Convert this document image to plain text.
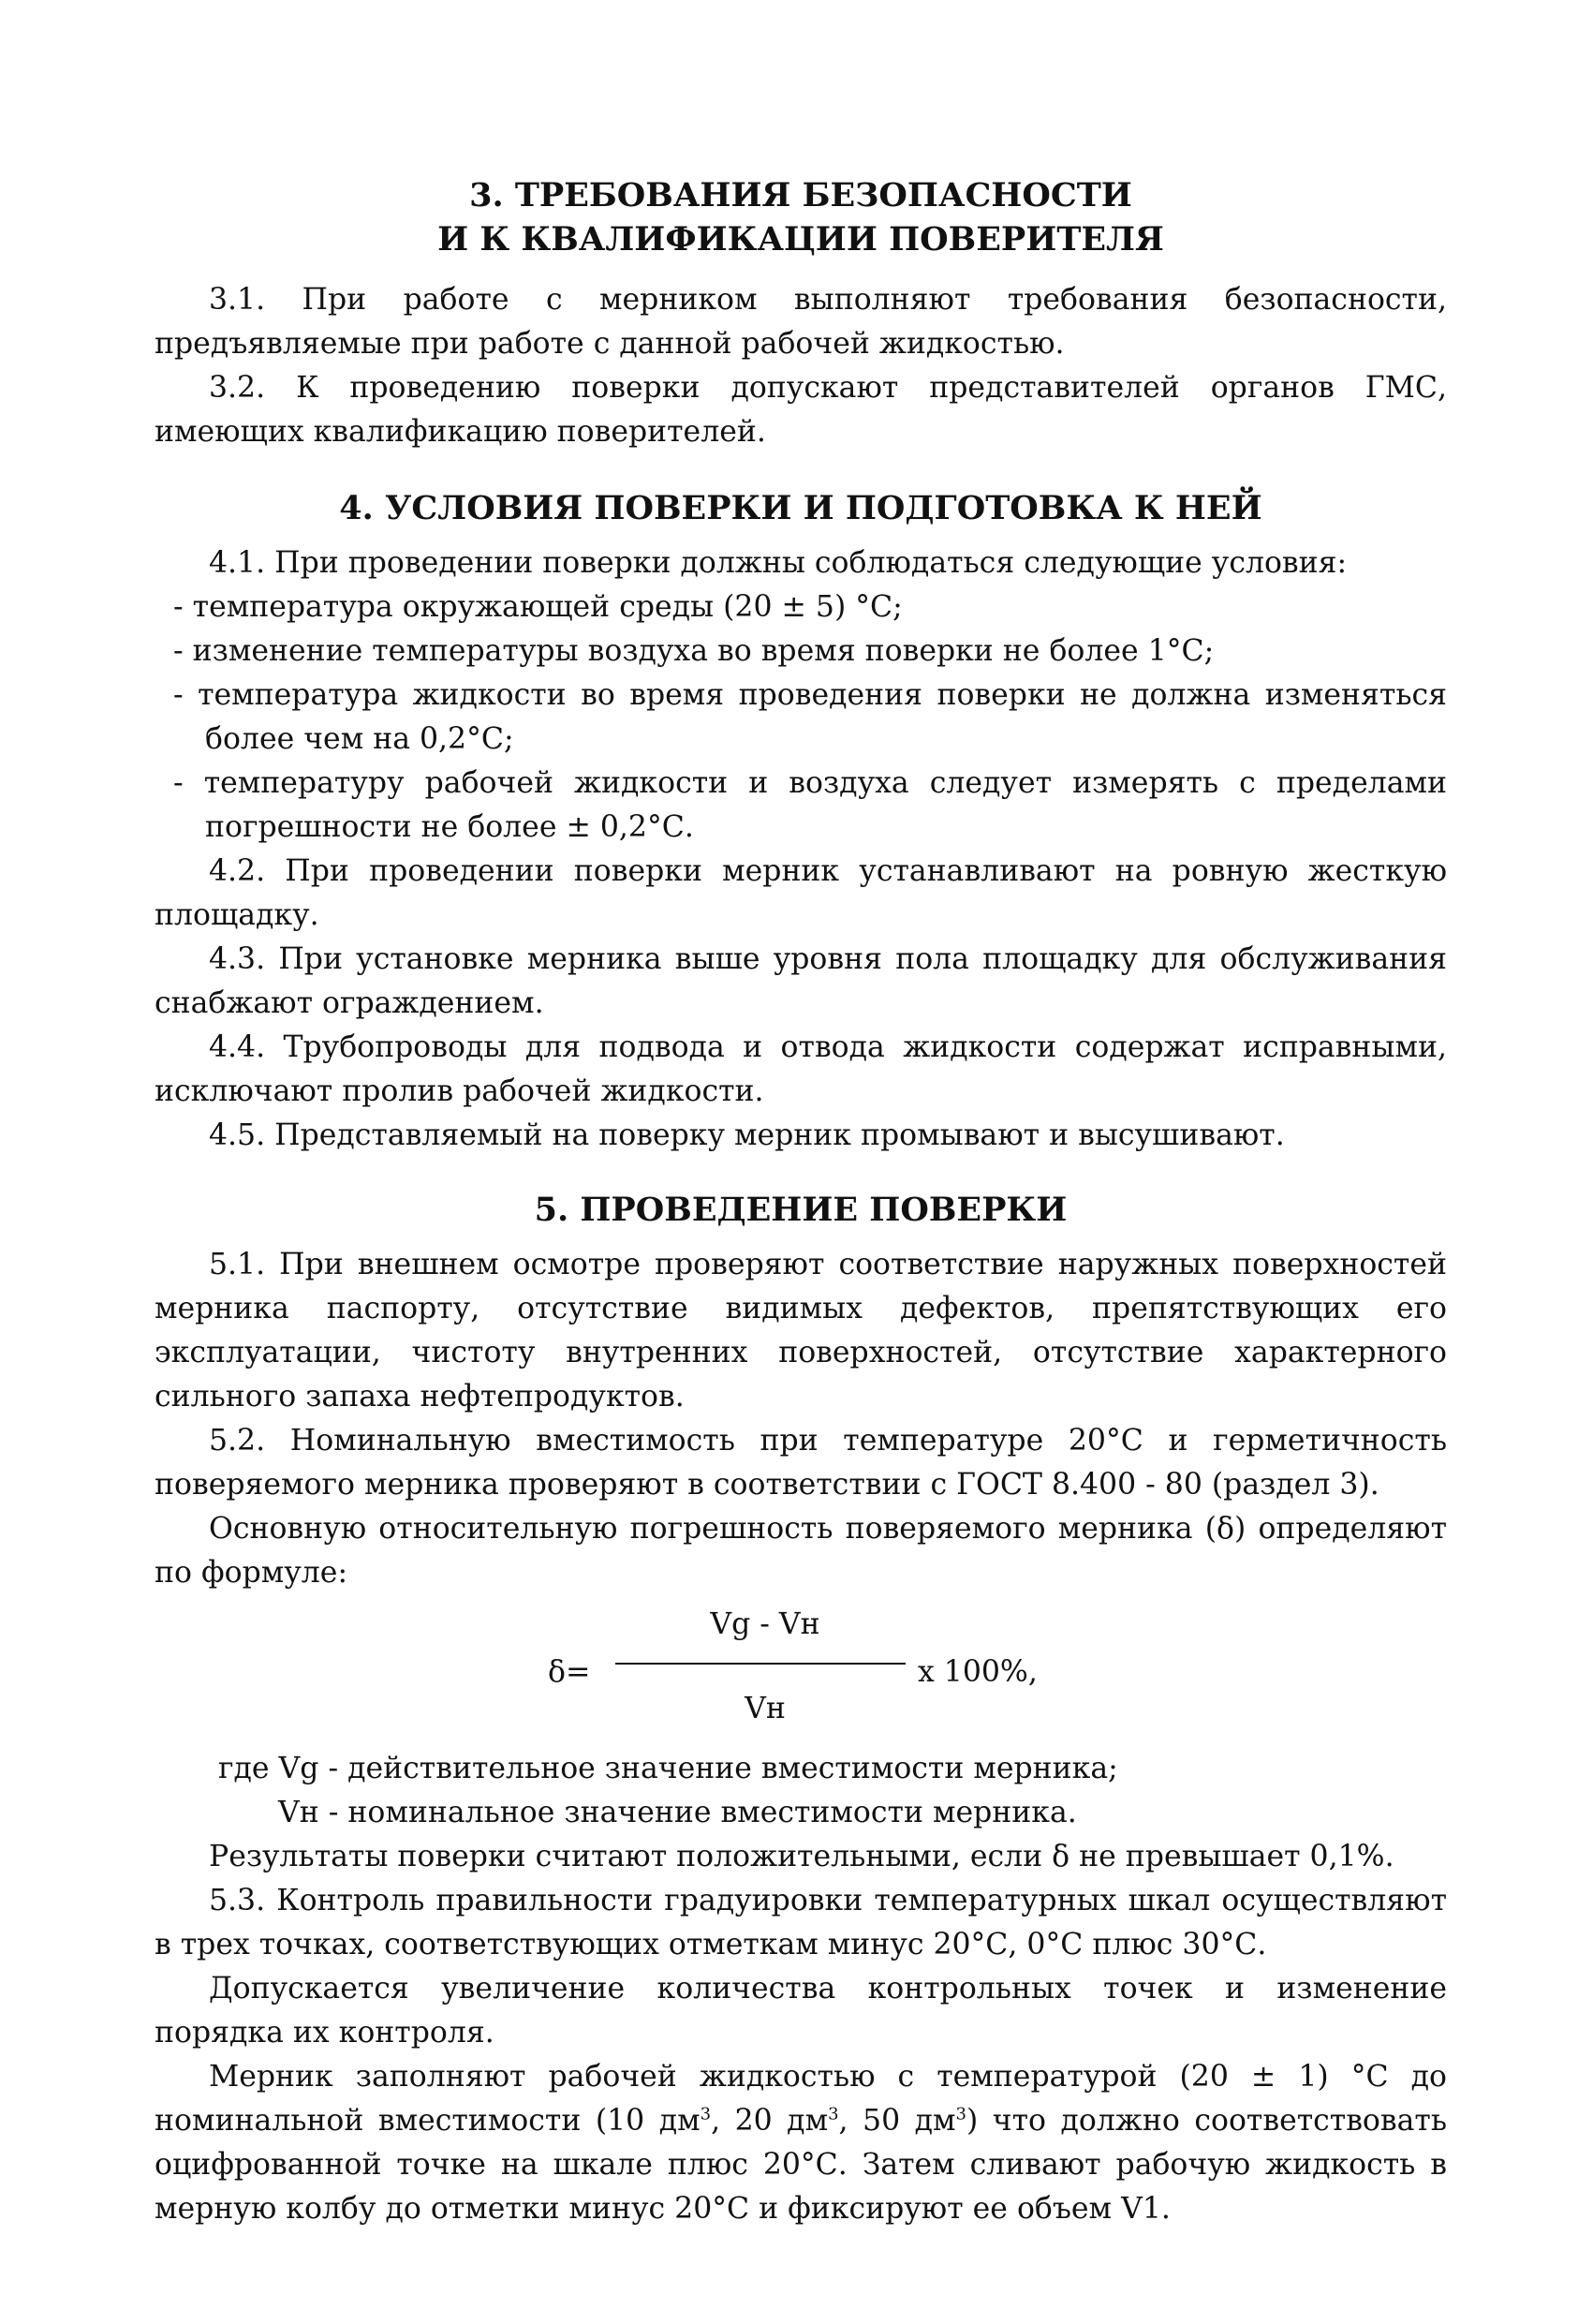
3. ТРЕБОВАНИЯ БЕЗОПАСНОСТИ
И К КВАЛИФИКАЦИИ ПОВЕРИТЕЛЯ

3.1. При работе с мерником выполняют требования безопасности, предъявляемые при работе с данной рабочей жидкостью.

3.2. К проведению поверки допускают представителей органов ГМС, имеющих квалификацию поверителей.

4. УСЛОВИЯ ПОВЕРКИ И ПОДГОТОВКА К НЕЙ

4.1. При проведении поверки должны соблюдаться следующие условия:

- температура окружающей среды (20 ± 5) °С;

- изменение температуры воздуха во время поверки не более 1°С;

- температура жидкости во время проведения поверки не должна изменяться более чем на 0,2°С;

- температуру рабочей жидкости и воздуха следует измерять с пределами погрешности не более ± 0,2°С.

4.2. При проведении поверки мерник устанавливают на ровную жесткую площадку.

4.3. При установке мерника выше уровня пола площадку для обслуживания снабжают ограждением.

4.4. Трубопроводы для подвода и отвода жидкости содержат исправными, исключают пролив рабочей жидкости.

4.5. Представляемый на поверку мерник промывают и высушивают.

5. ПРОВЕДЕНИЕ ПОВЕРКИ

5.1. При внешнем осмотре проверяют соответствие наружных поверхностей мерника паспорту, отсутствие видимых дефектов, препятствующих его эксплуатации, чистоту внутренних поверхностей, отсутствие характерного сильного запаха нефтепродуктов.

5.2. Номинальную вместимость при температуре 20°С и герметичность поверяемого мерника проверяют в соответствии с ГОСТ 8.400 - 80 (раздел 3).

Основную относительную погрешность поверяемого мерника (δ) определяют по формуле:

δ=
Vg - Vн
Vн
x 100%,

где Vg - действительное значение вместимости мерника;

Vн - номинальное значение вместимости мерника.

Результаты поверки считают положительными, если δ не превышает 0,1%.

5.3. Контроль правильности градуировки температурных шкал осуществляют в трех точках, соответствующих отметкам минус 20°С, 0°С плюс 30°С.

Допускается увеличение количества контрольных точек и изменение порядка их контроля.

Мерник заполняют рабочей жидкостью с температурой (20 ± 1) °С до номинальной вместимости (10 $дм^3$, 20 $дм^3$, 50 $дм^3$) что должно соответствовать оцифрованной точке на шкале плюс 20°С. Затем сливают рабочую жидкость в мерную колбу до отметки минус 20°С и фиксируют ее объем V1.
